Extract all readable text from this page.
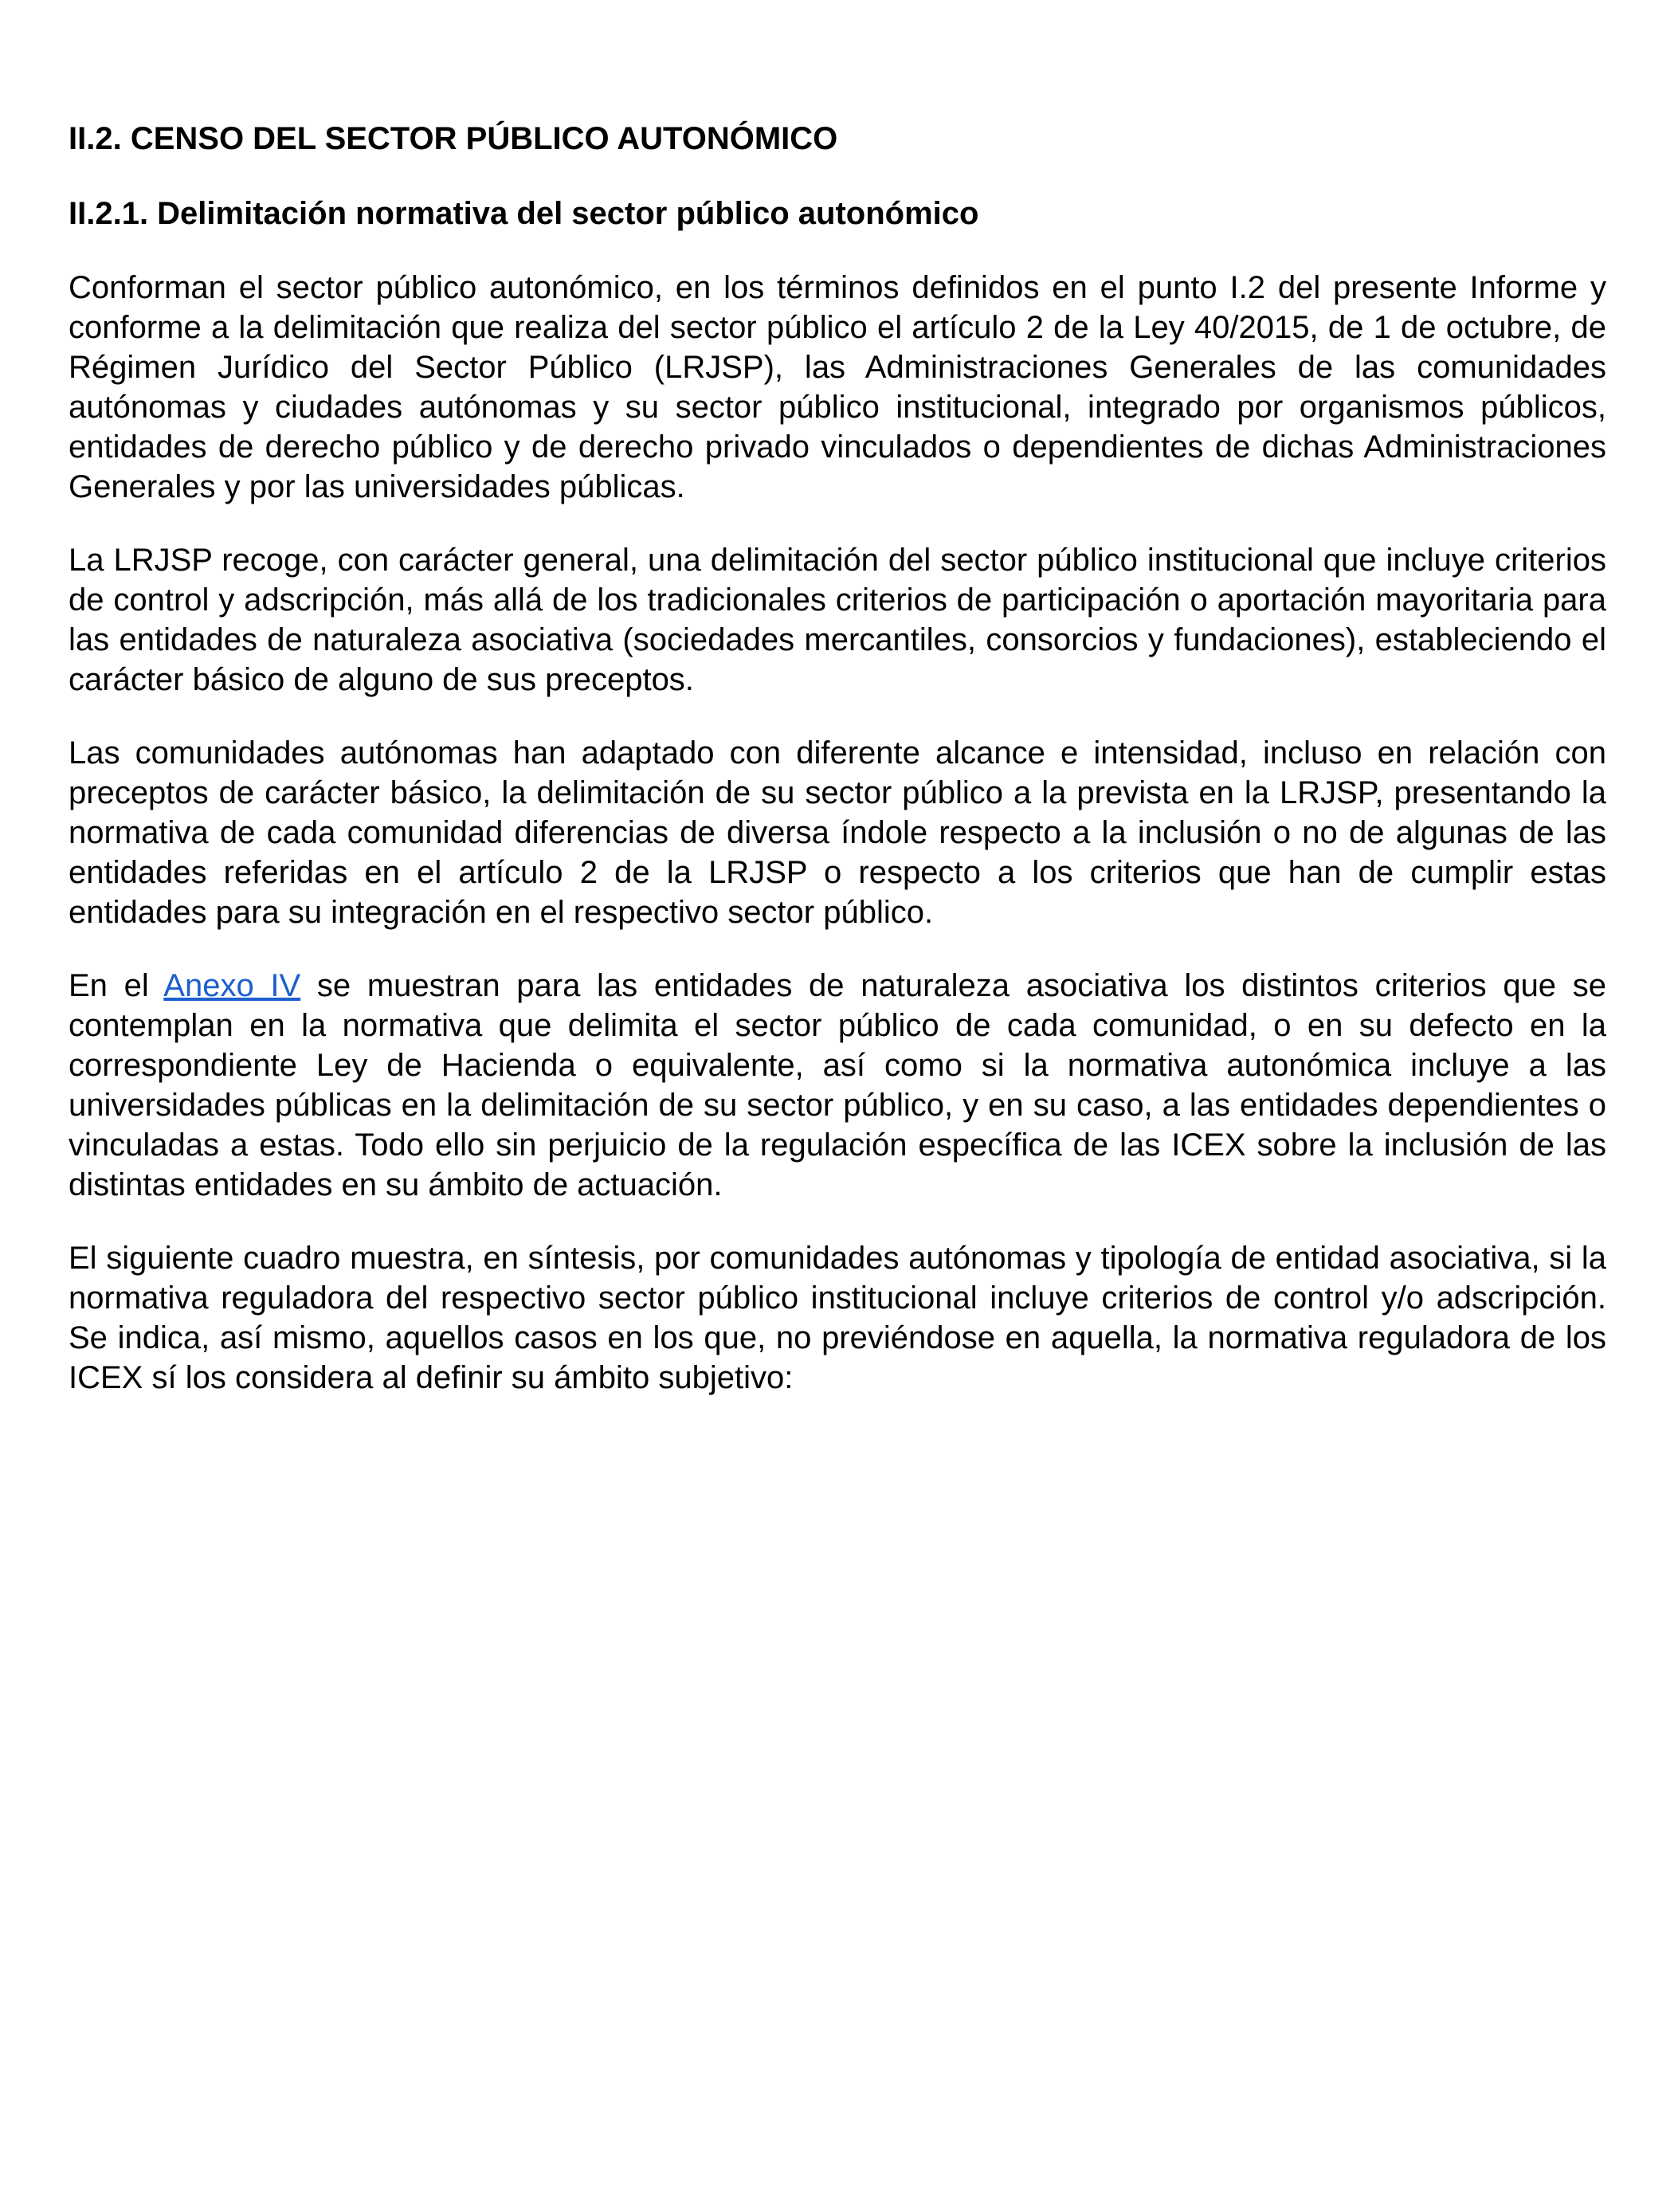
II.2. CENSO DEL SECTOR PÚBLICO AUTONÓMICO
II.2.1. Delimitación normativa del sector público autonómico

Conforman el sector público autonómico, en los términos definidos en el punto I.2 del presente Informe y conforme a la delimitación que realiza del sector público el artículo 2 de la Ley 40/2015, de 1 de octubre, de Régimen Jurídico del Sector Público (LRJSP), las Administraciones Generales de las comunidades autónomas y ciudades autónomas y su sector público institucional, integrado por organismos públicos, entidades de derecho público y de derecho privado vinculados o dependientes de dichas Administraciones Generales y por las universidades públicas.

La LRJSP recoge, con carácter general, una delimitación del sector público institucional que incluye criterios de control y adscripción, más allá de los tradicionales criterios de participación o aportación mayoritaria para las entidades de naturaleza asociativa (sociedades mercantiles, consorcios y fundaciones), estableciendo el carácter básico de alguno de sus preceptos.

Las comunidades autónomas han adaptado con diferente alcance e intensidad, incluso en relación con preceptos de carácter básico, la delimitación de su sector público a la prevista en la LRJSP, presentando la normativa de cada comunidad diferencias de diversa índole respecto a la inclusión o no de algunas de las entidades referidas en el artículo 2 de la LRJSP o respecto a los criterios que han de cumplir estas entidades para su integración en el respectivo sector público.

En el Anexo IV se muestran para las entidades de naturaleza asociativa los distintos criterios que se contemplan en la normativa que delimita el sector público de cada comunidad, o en su defecto en la correspondiente Ley de Hacienda o equivalente, así como si la normativa autonómica incluye a las universidades públicas en la delimitación de su sector público, y en su caso, a las entidades dependientes o vinculadas a estas. Todo ello sin perjuicio de la regulación específica de las ICEX sobre la inclusión de las distintas entidades en su ámbito de actuación.

El siguiente cuadro muestra, en síntesis, por comunidades autónomas y tipología de entidad asociativa, si la normativa reguladora del respectivo sector público institucional incluye criterios de control y/o adscripción. Se indica, así mismo, aquellos casos en los que, no previéndose en aquella, la normativa reguladora de los ICEX sí los considera al definir su ámbito subjetivo:
